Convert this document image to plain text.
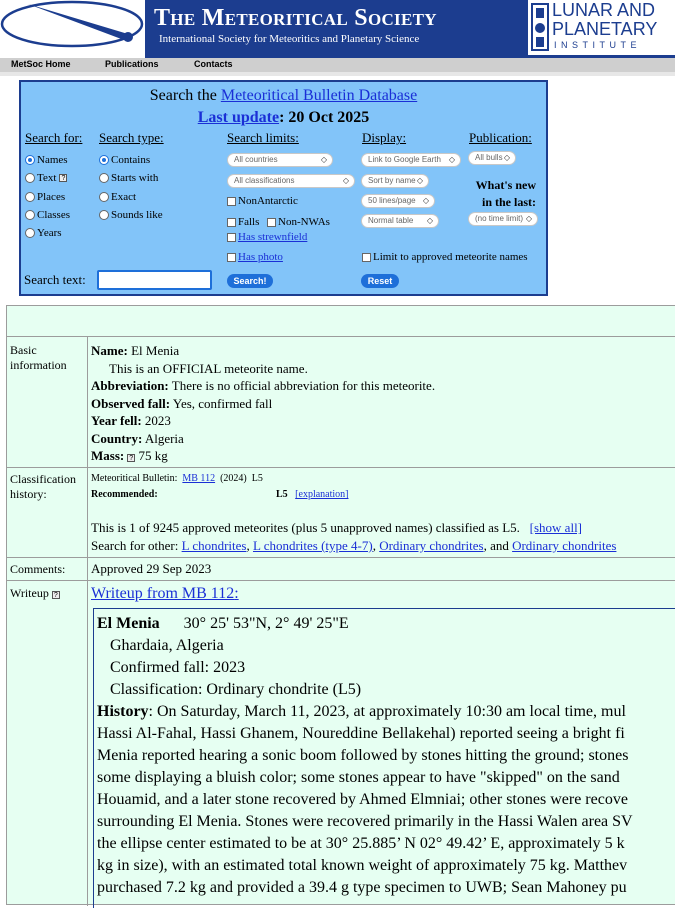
The Meteoritical Society
International Society for Meteoritics and Planetary Science
LUNAR AND
PLANETARY
INSTITUTE
MetSoc Home	Publications	Contacts
Search the Meteoritical Bulletin Database
Last update: 20 Oct 2025
Search for: Search type:	Search limits:	Display:	Publication:
Names
Text ?
Places
Classes
Years
Contains
Starts with
Exact
Sounds like
All countries	◇
All classifications	◇
NonAntarctic
Falls Non-NWAs
Has strewnfield
Has photo
Link to Google Earth ◇
Sort by name ◇
50 lines/page ◇
Normal table ◇
Limit to approved meteorite names
All bulls ◇
What's new
in the last:
(no time limit) ◇
Search text:	Search!	Reset
Basic information
Name: El Menia
This is an OFFICIAL meteorite name.
Abbreviation: There is no official abbreviation for this meteorite.
Observed fall: Yes, confirmed fall
Year fell: 2023
Country: Algeria
Mass: ? 75 kg
Classification history:
Meteoritical Bulletin: MB 112 (2024) L5
Recommended:	L5 [explanation]
This is 1 of 9245 approved meteorites (plus 5 unapproved names) classified as L5. [show all]
Search for other: L chondrites, L chondrites (type 4-7), Ordinary chondrites, and Ordinary chondrites
Comments: Approved 29 Sep 2023
Writeup ? Writeup from MB 112:
El Menia 30° 25' 53"N, 2° 49' 25"E
Ghardaia, Algeria
Confirmed fall: 2023
Classification: Ordinary chondrite (L5)
History: On Saturday, March 11, 2023, at approximately 10:30 am local time, mul
Hassi Al-Fahal, Hassi Ghanem, Noureddine Bellakehal) reported seeing a bright fi
Menia reported hearing a sonic boom followed by stones hitting the ground; stones
some displaying a bluish color; some stones appear to have "skipped" on the sand
Houamid, and a later stone recovered by Ahmed Elmniai; other stones were recove
surrounding El Menia. Stones were recovered primarily in the Hassi Walen area SV
the ellipse center estimated to be at 30° 25.885’ N 02° 49.42’ E, approximately 5 k
kg in size), with an estimated total known weight of approximately 75 kg. Matthev
purchased 7.2 kg and provided a 39.4 g type specimen to UWB; Sean Mahoney pu
